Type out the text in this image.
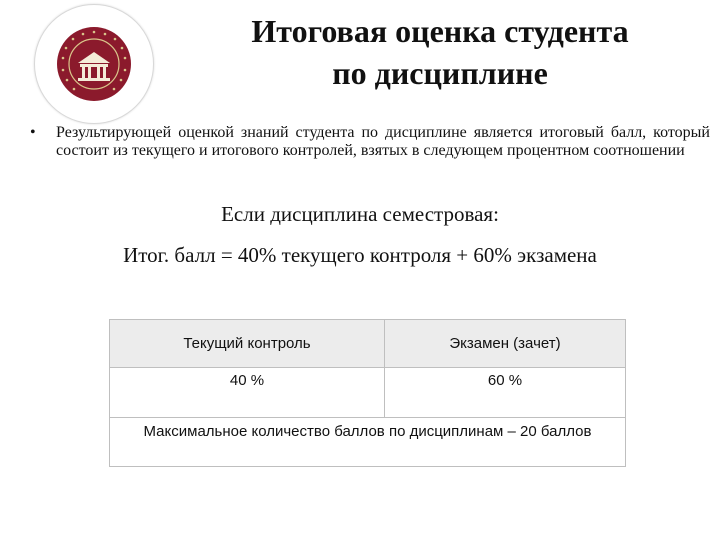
Итоговая оценка студента
по дисциплине
• Результирующей оценкой знаний студента по дисциплине является итоговый балл, который состоит из текущего и итогового контролей, взятых в следующем процентном соотношении
Если дисциплина семестровая:
Итог. балл = 40% текущего контроля + 60% экзамена
Текущий контроль	Экзамен (зачет)
40 %	60 %
Максимальное количество баллов по дисциплинам – 20 баллов	
